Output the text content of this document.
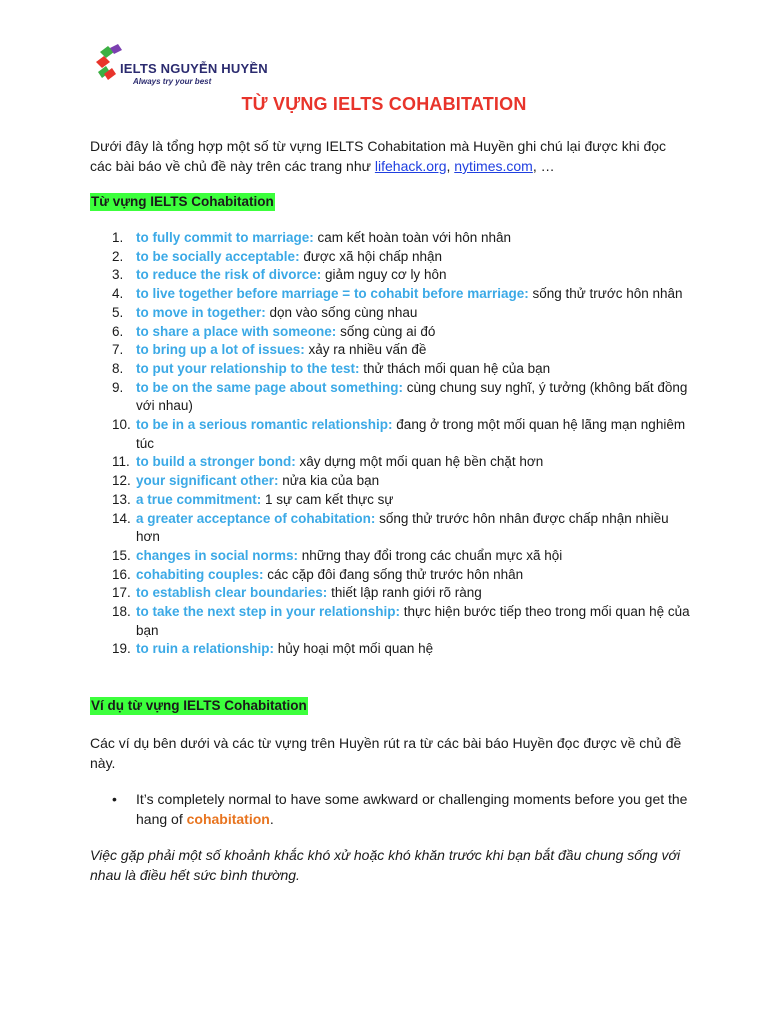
IELTS NGUYỄN HUYỀN
Always try your best
TỪ VỰNG IELTS COHABITATION
Dưới đây là tổng hợp một số từ vựng IELTS Cohabitation mà Huyền ghi chú lại được khi đọc các bài báo về chủ đề này trên các trang như lifehack.org, nytimes.com, …
Từ vựng IELTS Cohabitation
1. to fully commit to marriage: cam kết hoàn toàn với hôn nhân
2. to be socially acceptable: được xã hội chấp nhận
3. to reduce the risk of divorce: giảm nguy cơ ly hôn
4. to live together before marriage = to cohabit before marriage: sống thử trước hôn nhân
5. to move in together: dọn vào sống cùng nhau
6. to share a place with someone: sống cùng ai đó
7. to bring up a lot of issues: xảy ra nhiều vấn đề
8. to put your relationship to the test: thử thách mối quan hệ của bạn
9. to be on the same page about something: cùng chung suy nghĩ, ý tưởng (không bất đồng với nhau)
10. to be in a serious romantic relationship: đang ở trong một mối quan hệ lãng mạn nghiêm túc
11. to build a stronger bond: xây dựng một mối quan hệ bền chặt hơn
12. your significant other: nửa kia của bạn
13. a true commitment: 1 sự cam kết thực sự
14. a greater acceptance of cohabitation: sống thử trước hôn nhân được chấp nhận nhiều hơn
15. changes in social norms: những thay đổi trong các chuẩn mực xã hội
16. cohabiting couples: các cặp đôi đang sống thử trước hôn nhân
17. to establish clear boundaries: thiết lập ranh giới rõ ràng
18. to take the next step in your relationship: thực hiện bước tiếp theo trong mối quan hệ của bạn
19. to ruin a relationship: hủy hoại một mối quan hệ
Ví dụ từ vựng IELTS Cohabitation
Các ví dụ bên dưới và các từ vựng trên Huyền rút ra từ các bài báo Huyền đọc được về chủ đề này.
• It’s completely normal to have some awkward or challenging moments before you get the hang of cohabitation.
Việc gặp phải một số khoảnh khắc khó xử hoặc khó khăn trước khi bạn bắt đầu chung sống với nhau là điều hết sức bình thường.
